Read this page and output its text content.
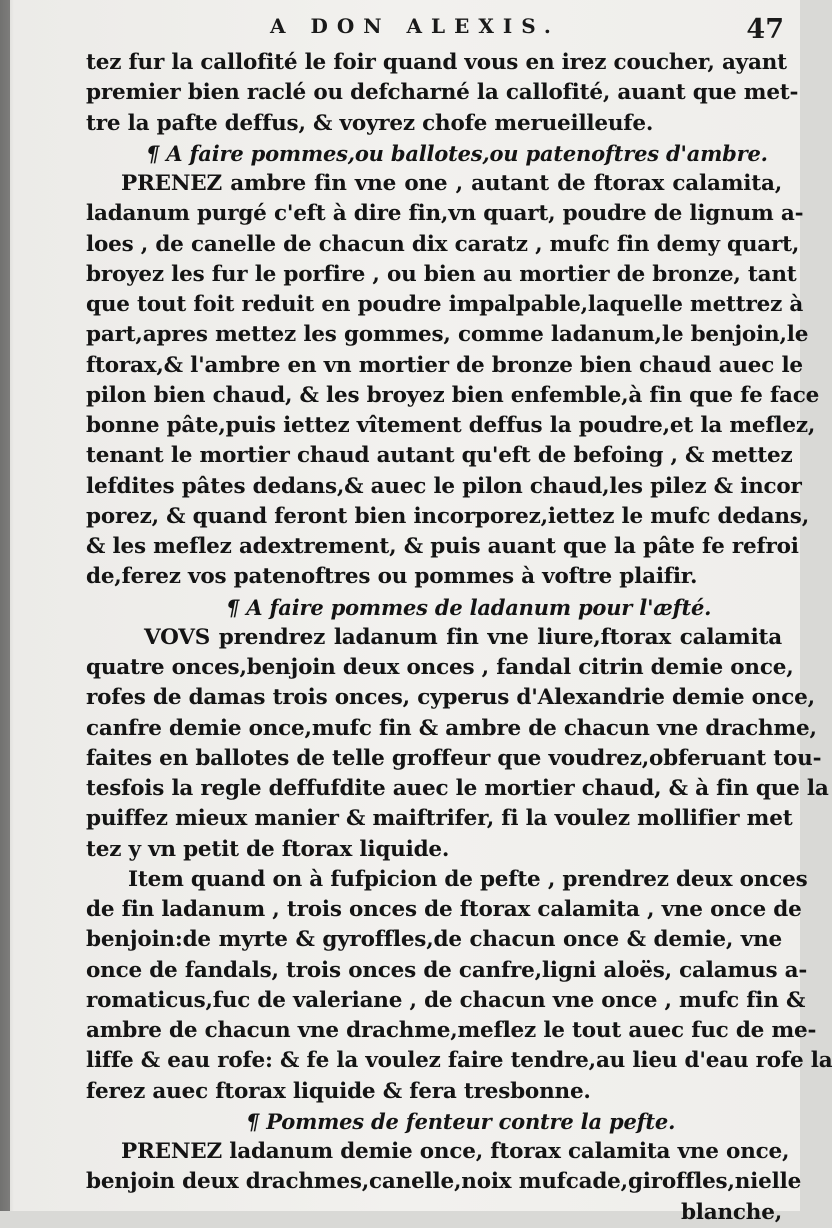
A DON ALEXIS.	47
tez fur la callofité le foir quand vous en irez coucher, ayant
premier bien raclé ou defcharné la callofité, auant que met-
tre la pafte deffus, & voyrez chofe merueilleufe.
¶ A faire pommes,ou ballotes,ou patenoftres d'ambre.
PRENEZ ambre fin vne one , autant de ftorax calamita,
ladanum purgé c'eft à dire fin,vn quart, poudre de lignum a-
loes , de canelle de chacun dix caratz , mufc fin demy quart,
broyez les fur le porfire , ou bien au mortier de bronze, tant
que tout foit reduit en poudre impalpable,laquelle mettrez à
part,apres mettez les gommes, comme ladanum,le benjoin,le
ftorax,& l'ambre en vn mortier de bronze bien chaud auec le
pilon bien chaud, & les broyez bien enfemble,à fin que fe face
bonne pâte,puis iettez vîtement deffus la poudre,et la meflez,
tenant le mortier chaud autant qu'eft de befoing , & mettez
lefdites pâtes dedans,& auec le pilon chaud,les pilez & incor
porez, & quand feront bien incorporez,iettez le mufc dedans,
& les meflez adextrement, & puis auant que la pâte fe refroi
de,ferez vos patenoftres ou pommes à voftre plaifir.
¶ A faire pommes de ladanum pour l'æfté.
VOVS prendrez ladanum fin vne liure,ftorax calamita
quatre onces,benjoin deux onces , fandal citrin demie once,
rofes de damas trois onces, cyperus d'Alexandrie demie once,
canfre demie once,mufc fin & ambre de chacun vne drachme,
faites en ballotes de telle groffeur que voudrez,obferuant tou-
tesfois la regle deffufdite auec le mortier chaud, & à fin que la
puiffez mieux manier & maiftrifer, fi la voulez mollifier met
tez y vn petit de ftorax liquide.
Item quand on à fufpicion de pefte , prendrez deux onces
de fin ladanum , trois onces de ftorax calamita , vne once de
benjoin:de myrte & gyroffles,de chacun once & demie, vne
once de fandals, trois onces de canfre,ligni aloës, calamus a-
romaticus,fuc de valeriane , de chacun vne once , mufc fin &
ambre de chacun vne drachme,meflez le tout auec fuc de me-
liffe & eau rofe: & fe la voulez faire tendre,au lieu d'eau rofe la
ferez auec ftorax liquide & fera tresbonne.
¶ Pommes de fenteur contre la pefte.
PRENEZ ladanum demie once, ftorax calamita vne once,
benjoin deux drachmes,canelle,noix mufcade,giroffles,nielle
blanche,
